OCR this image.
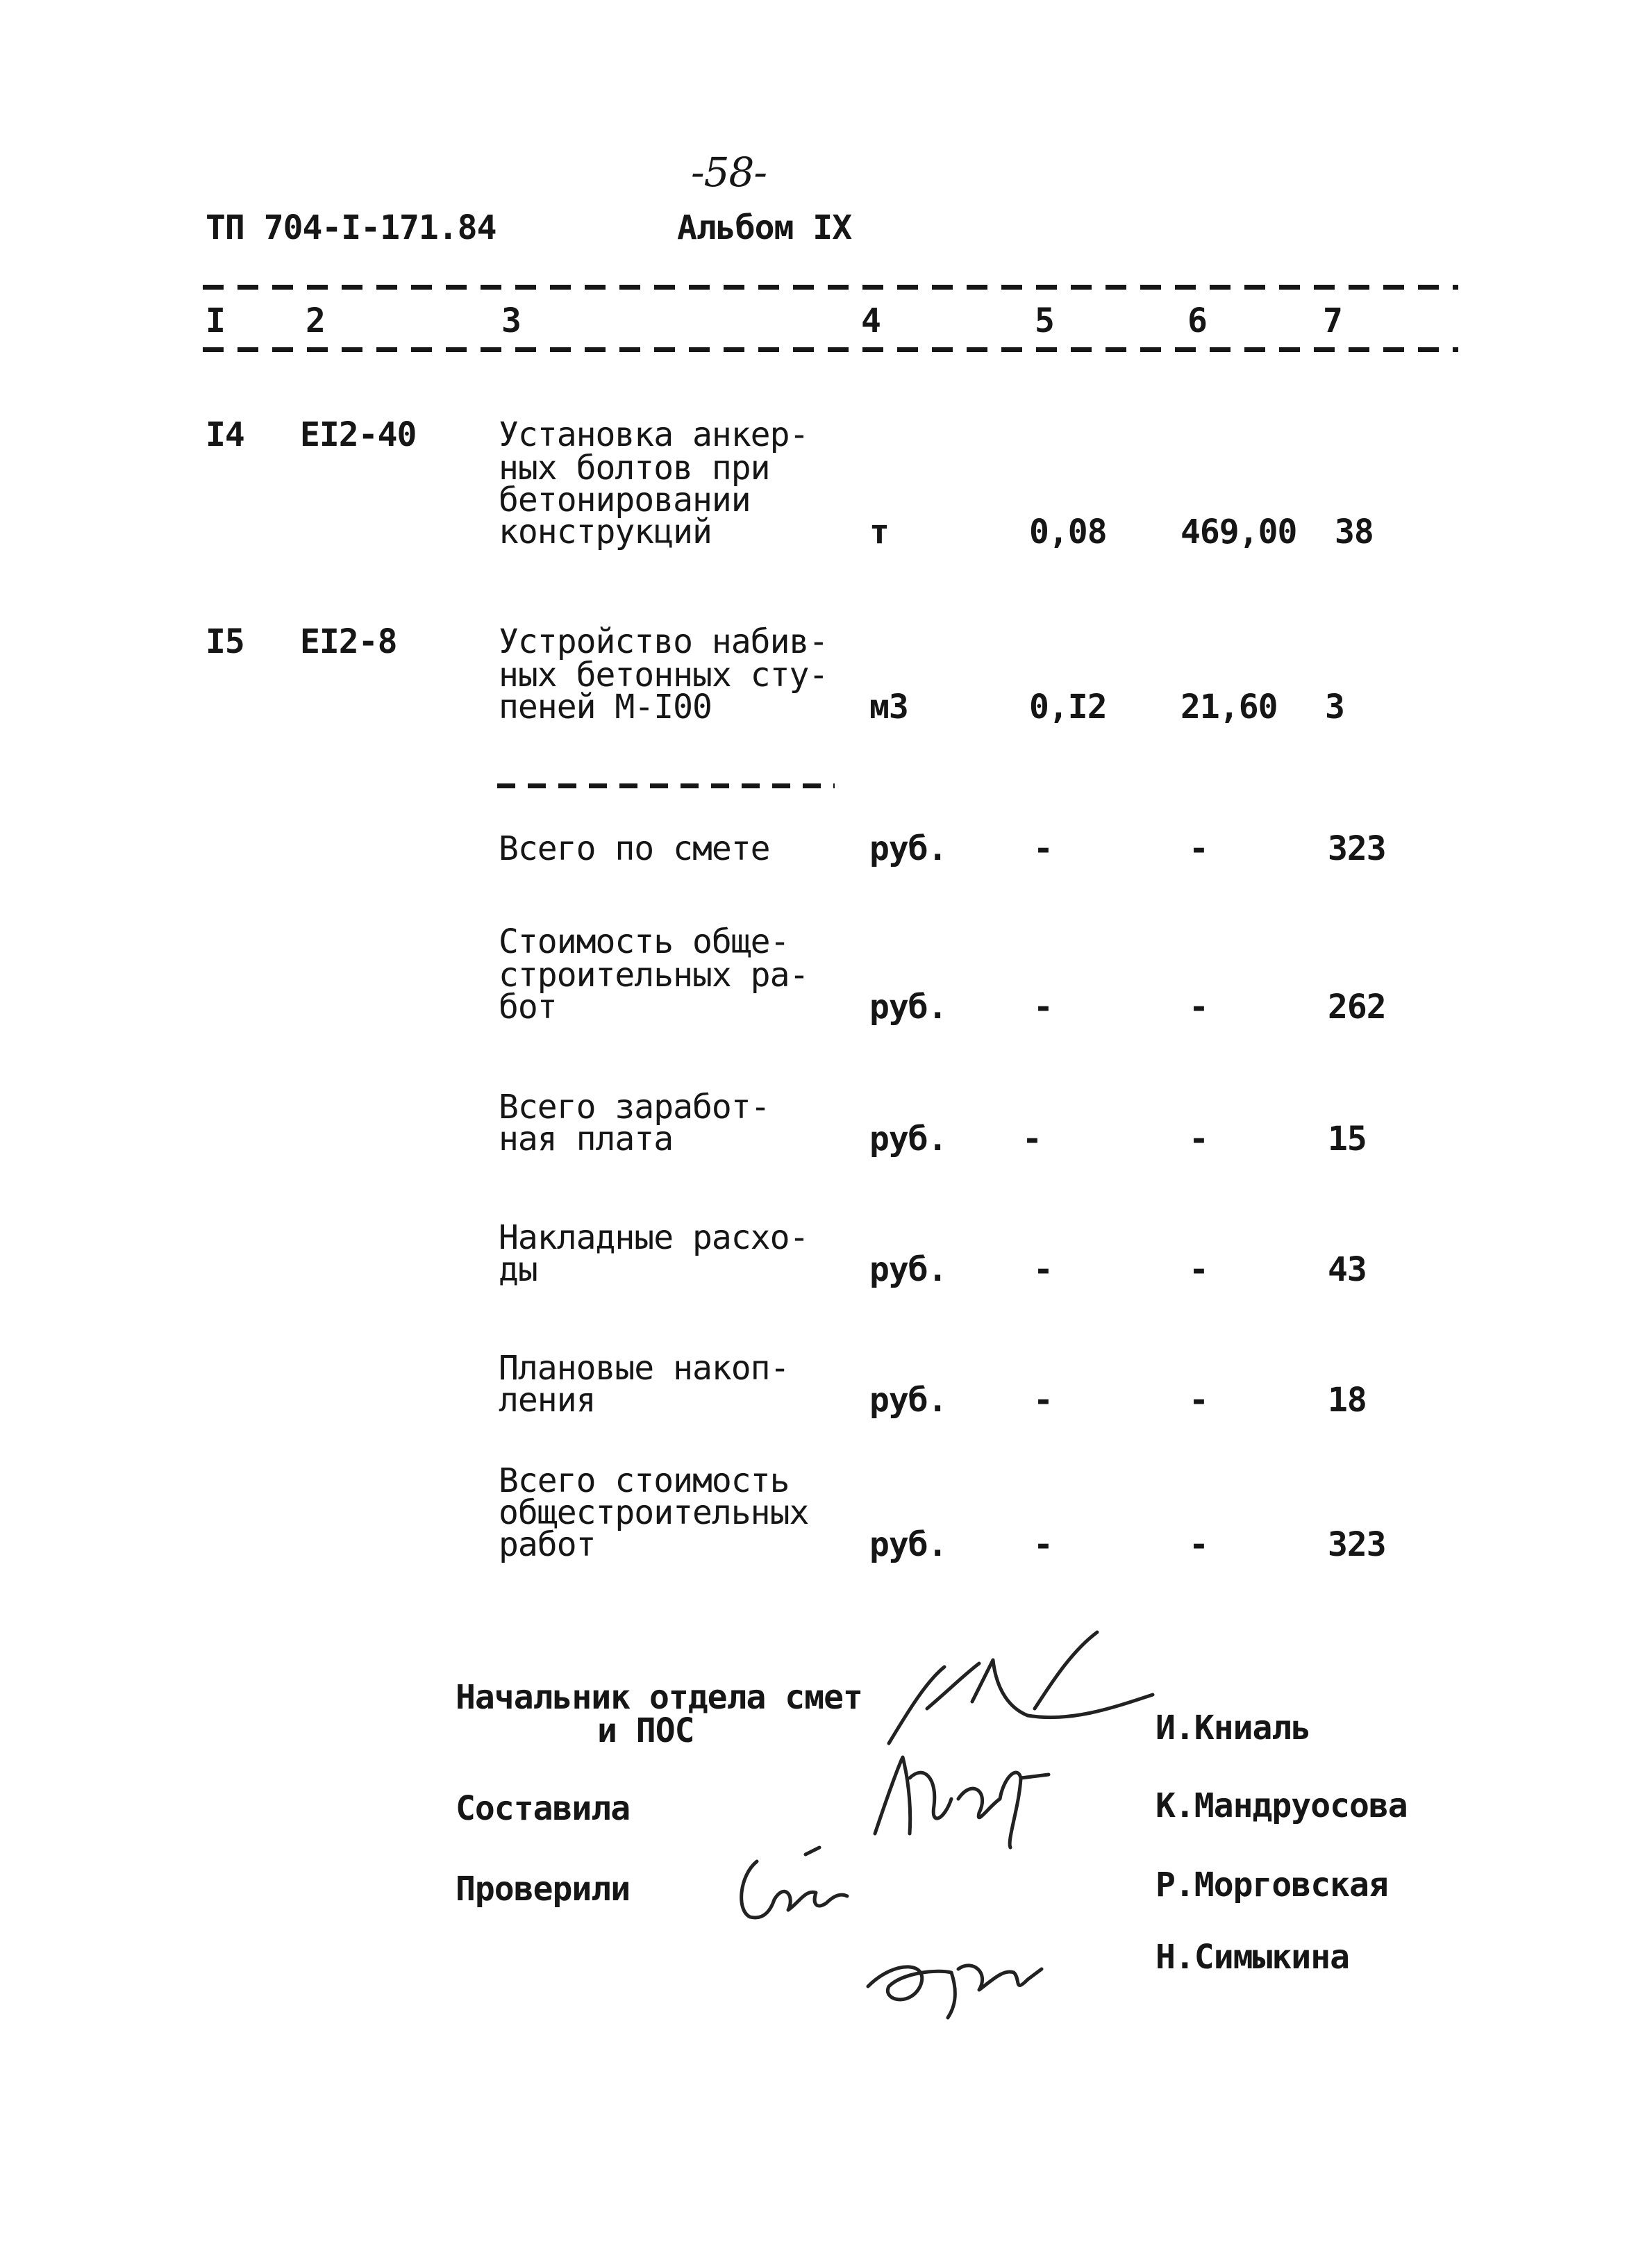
-58-
ТП 704-I-171.84	Альбом IX
I 2	3	4	5	6	7
I4 ЕI2-40 Установка анкер-
ных болтов при
бетонировании
конструкций	т	0,08 469,00 38
I5 ЕI2-8	Устройство набив-
ных бетонных сту-
пеней М-I00	м3	0,I2 21,60 3
Всего по смете	руб.	-	-	323
Стоимость обще-
строительных ра-
бот	руб.	-	-	262
Всего заработ-
ная плата	руб. -	-	15
Накладные расхо-
ды	руб.	-	-	43
Плановые накоп-
ления	руб.	-	-	18
Всего стоимость
общестроительных
работ	руб.	-	-	323
Начальник отдела смет
и ПОС
Составила
Проверили
И.Книаль
К.Мандруосова
Р.Морговская
Н.Симыкина
